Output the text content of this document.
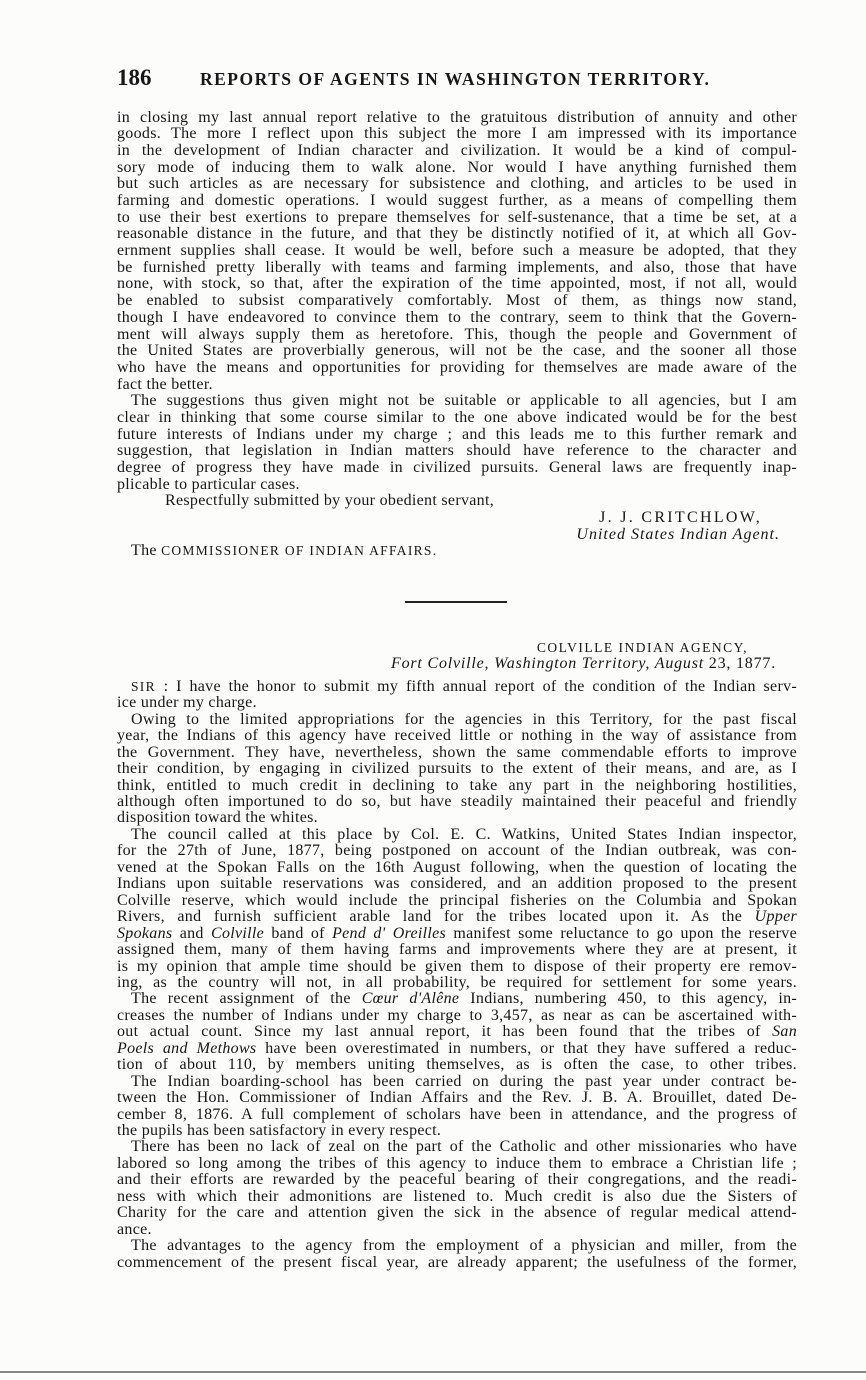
186	REPORTS OF AGENTS IN WASHINGTON TERRITORY.
in closing my last annual report relative to the gratuitous distribution of annuity and other
goods. The more I reflect upon this subject the more I am impressed with its importance
in the development of Indian character and civilization. It would be a kind of compul-
sory mode of inducing them to walk alone. Nor would I have anything furnished them
but such articles as are necessary for subsistence and clothing, and articles to be used in
farming and domestic operations. I would suggest further, as a means of compelling them
to use their best exertions to prepare themselves for self-sustenance, that a time be set, at a
reasonable distance in the future, and that they be distinctly notified of it, at which all Gov-
ernment supplies shall cease. It would be well, before such a measure be adopted, that they
be furnished pretty liberally with teams and farming implements, and also, those that have
none, with stock, so that, after the expiration of the time appointed, most, if not all, would
be enabled to subsist comparatively comfortably. Most of them, as things now stand,
though I have endeavored to convince them to the contrary, seem to think that the Govern-
ment will always supply them as heretofore. This, though the people and Government of
the United States are proverbially generous, will not be the case, and the sooner all those
who have the means and opportunities for providing for themselves are made aware of the
fact the better.
The suggestions thus given might not be suitable or applicable to all agencies, but I am
clear in thinking that some course similar to the one above indicated would be for the best
future interests of Indians under my charge ; and this leads me to this further remark and
suggestion, that legislation in Indian matters should have reference to the character and
degree of progress they have made in civilized pursuits. General laws are frequently inap-
plicable to particular cases.
Respectfully submitted by your obedient servant,
J. J. CRITCHLOW,
United States Indian Agent.
The COMMISSIONER OF INDIAN AFFAIRS.
COLVILLE INDIAN AGENCY,
Fort Colville, Washington Territory, August 23, 1877.
SIR : I have the honor to submit my fifth annual report of the condition of the Indian serv-
ice under my charge.
Owing to the limited appropriations for the agencies in this Territory, for the past fiscal
year, the Indians of this agency have received little or nothing in the way of assistance from
the Government. They have, nevertheless, shown the same commendable efforts to improve
their condition, by engaging in civilized pursuits to the extent of their means, and are, as I
think, entitled to much credit in declining to take any part in the neighboring hostilities,
although often importuned to do so, but have steadily maintained their peaceful and friendly
disposition toward the whites.
The council called at this place by Col. E. C. Watkins, United States Indian inspector,
for the 27th of June, 1877, being postponed on account of the Indian outbreak, was con-
vened at the Spokan Falls on the 16th August following, when the question of locating the
Indians upon suitable reservations was considered, and an addition proposed to the present
Colville reserve, which would include the principal fisheries on the Columbia and Spokan
Rivers, and furnish sufficient arable land for the tribes located upon it. As the Upper
Spokans and Colville band of Pend d' Oreilles manifest some reluctance to go upon the reserve
assigned them, many of them having farms and improvements where they are at present, it
is my opinion that ample time should be given them to dispose of their property ere remov-
ing, as the country will not, in all probability, be required for settlement for some years.
The recent assignment of the Cœur d'Alêne Indians, numbering 450, to this agency, in-
creases the number of Indians under my charge to 3,457, as near as can be ascertained with-
out actual count. Since my last annual report, it has been found that the tribes of San
Poels and Methows have been overestimated in numbers, or that they have suffered a reduc-
tion of about 110, by members uniting themselves, as is often the case, to other tribes.
The Indian boarding-school has been carried on during the past year under contract be-
tween the Hon. Commissioner of Indian Affairs and the Rev. J. B. A. Brouillet, dated De-
cember 8, 1876. A full complement of scholars have been in attendance, and the progress of
the pupils has been satisfactory in every respect.
There has been no lack of zeal on the part of the Catholic and other missionaries who have
labored so long among the tribes of this agency to induce them to embrace a Christian life ;
and their efforts are rewarded by the peaceful bearing of their congregations, and the readi-
ness with which their admonitions are listened to. Much credit is also due the Sisters of
Charity for the care and attention given the sick in the absence of regular medical attend-
ance.
The advantages to the agency from the employment of a physician and miller, from the
commencement of the present fiscal year, are already apparent; the usefulness of the former,
